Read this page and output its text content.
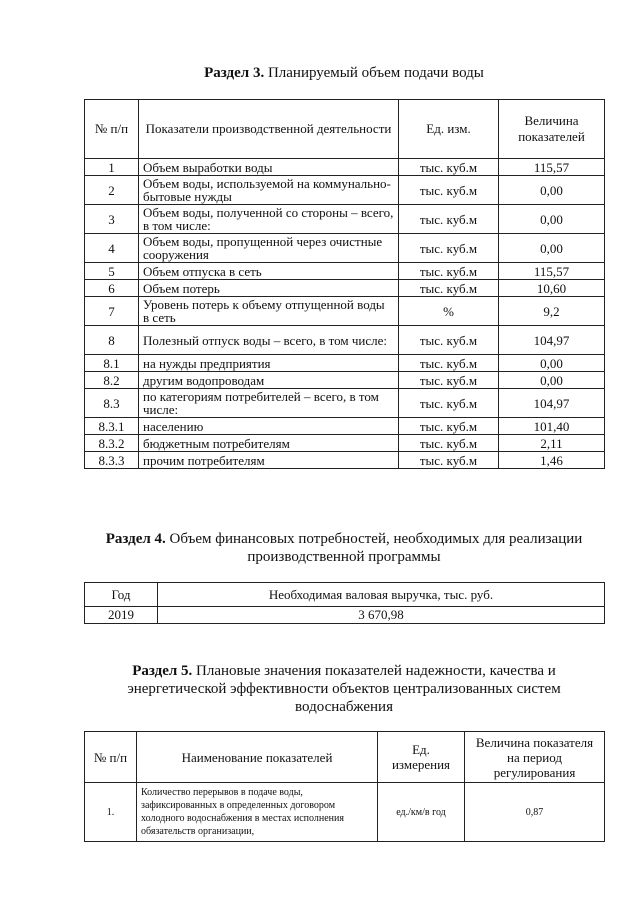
Раздел 3. Планируемый объем подачи воды
№ п/п	Показатели производственной деятельности	Ед. изм.	Величина показателей
1	Объем выработки воды	тыс. куб.м	115,57
2	Объем воды, используемой на коммунально-бытовые нужды	тыс. куб.м	0,00
3	Объем воды, полученной со стороны – всего, в том числе:	тыс. куб.м	0,00
4	Объем воды, пропущенной через очистные сооружения	тыс. куб.м	0,00
5	Объем отпуска в сеть	тыс. куб.м	115,57
6	Объем потерь	тыс. куб.м	10,60
7	Уровень потерь к объему отпущенной воды в сеть	%	9,2
8	Полезный отпуск воды – всего, в том числе:	тыс. куб.м	104,97
8.1	на нужды предприятия	тыс. куб.м	0,00
8.2	другим водопроводам	тыс. куб.м	0,00
8.3	по категориям потребителей – всего, в том числе:	тыс. куб.м	104,97
8.3.1	населению	тыс. куб.м	101,40
8.3.2	бюджетным потребителям	тыс. куб.м	2,11
8.3.3	прочим потребителям	тыс. куб.м	1,46
Раздел 4. Объем финансовых потребностей, необходимых для реализации
производственной программы
Год	Необходимая валовая выручка, тыс. руб.
2019	3 670,98
Раздел 5. Плановые значения показателей надежности, качества и
энергетической эффективности объектов централизованных систем
водоснабжения
№ п/п	Наименование показателей	Ед. измерения	Величина показателя на период регулирования
1.	Количество перерывов в подаче воды, зафиксированных в определенных договором холодного водоснабжения в местах исполнения обязательств организации,	ед./км/в год	0,87
